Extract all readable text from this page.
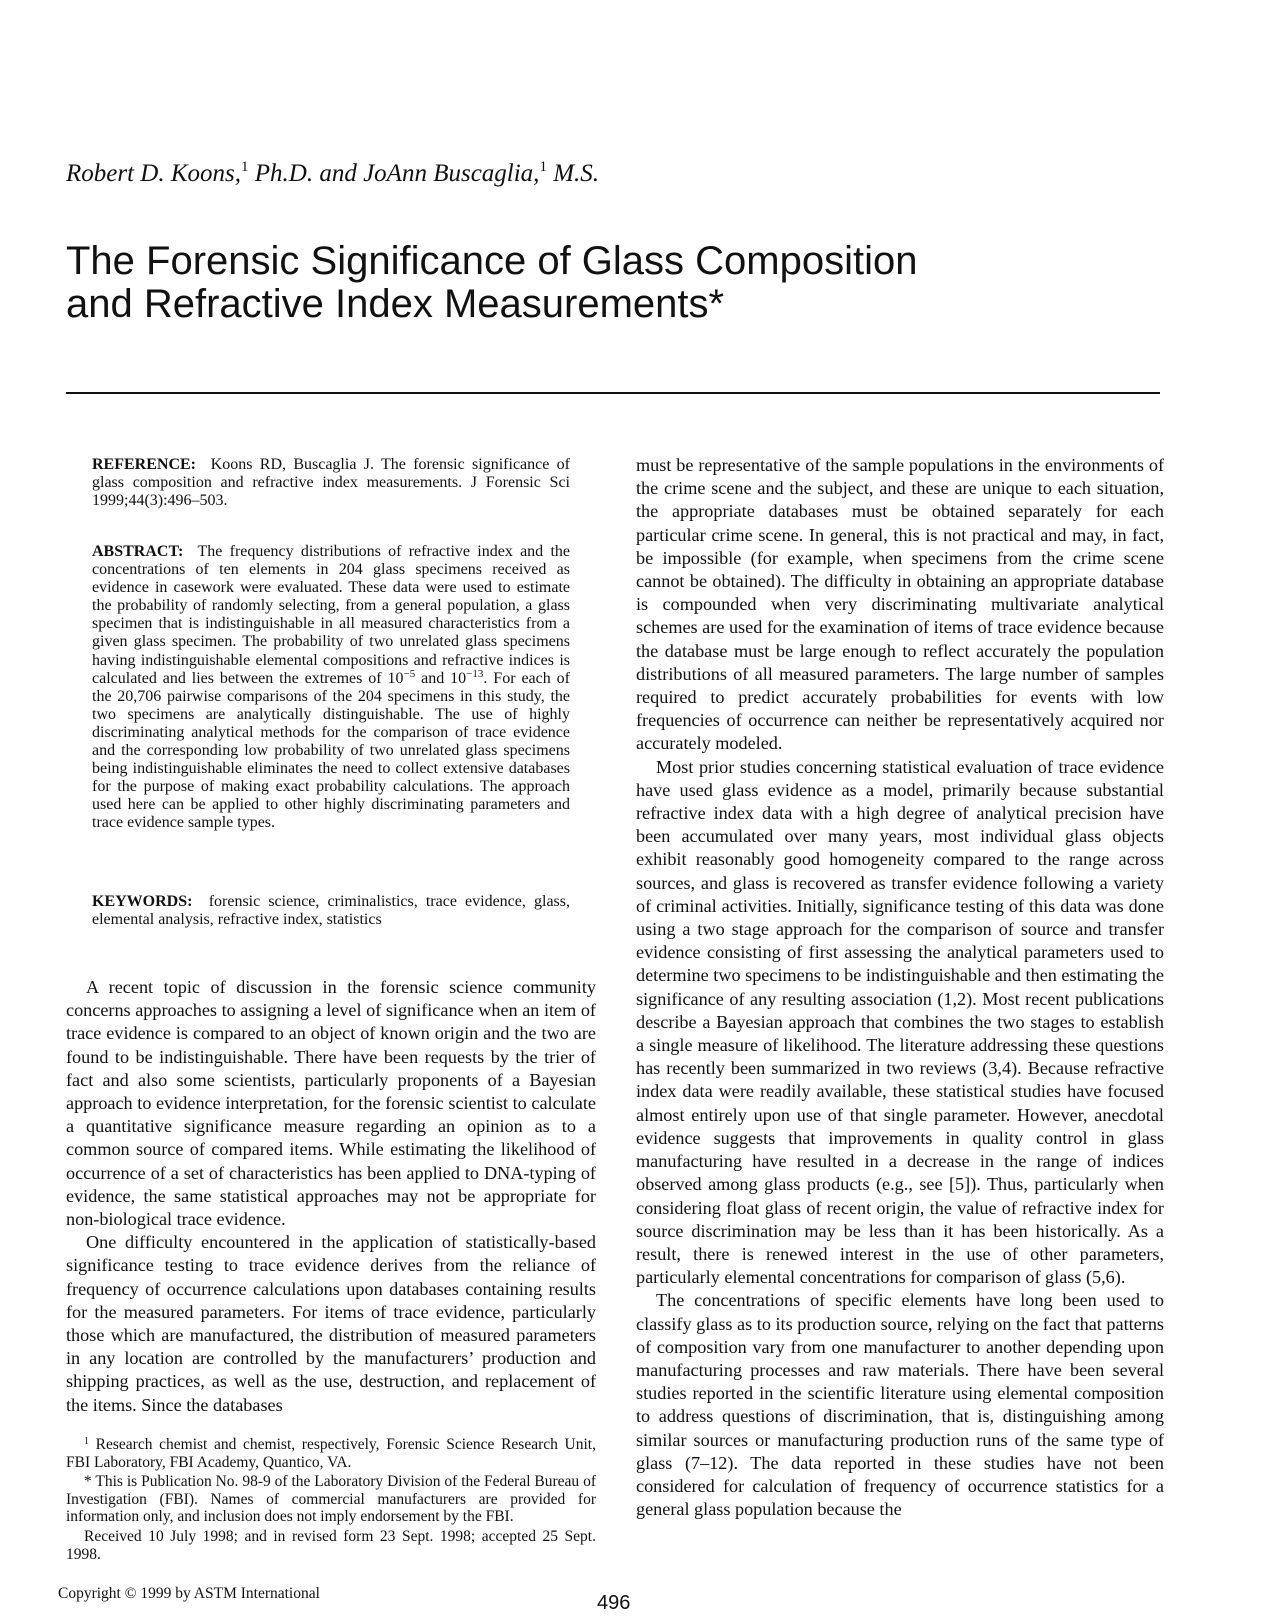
Robert D. Koons,$^1$ Ph.D. and JoAnn Buscaglia,$^1$ M.S.
The Forensic Significance of Glass Composition
and Refractive Index Measurements*

REFERENCE: Koons RD, Buscaglia J. The forensic significance of glass composition and refractive index measurements. J Forensic Sci 1999;44(3):496–503.

ABSTRACT: The frequency distributions of refractive index and the concentrations of ten elements in 204 glass specimens received as evidence in casework were evaluated. These data were used to estimate the probability of randomly selecting, from a general population, a glass specimen that is indistinguishable in all measured characteristics from a given glass specimen. The probability of two unrelated glass specimens having indistinguishable elemental compositions and refractive indices is calculated and lies between the extremes of $10^{-5}$ and $10^{-13}$. For each of the 20,706 pairwise comparisons of the 204 specimens in this study, the two specimens are analytically distinguishable. The use of highly discriminating analytical methods for the comparison of trace evidence and the corresponding low probability of two unrelated glass specimens being indistinguishable eliminates the need to collect extensive databases for the purpose of making exact probability calculations. The approach used here can be applied to other highly discriminating parameters and trace evidence sample types.

KEYWORDS: forensic science, criminalistics, trace evidence, glass, elemental analysis, refractive index, statistics

A recent topic of discussion in the forensic science community concerns approaches to assigning a level of significance when an item of trace evidence is compared to an object of known origin and the two are found to be indistinguishable. There have been requests by the trier of fact and also some scientists, particularly proponents of a Bayesian approach to evidence interpretation, for the forensic scientist to calculate a quantitative significance measure regarding an opinion as to a common source of compared items. While estimating the likelihood of occurrence of a set of characteristics has been applied to DNA-typing of evidence, the same statistical approaches may not be appropriate for non-biological trace evidence.

One difficulty encountered in the application of statistically-based significance testing to trace evidence derives from the reliance of frequency of occurrence calculations upon databases containing results for the measured parameters. For items of trace evidence, particularly those which are manufactured, the distribution of measured parameters in any location are controlled by the manufacturers’ production and shipping practices, as well as the use, destruction, and replacement of the items. Since the databases

must be representative of the sample populations in the environments of the crime scene and the subject, and these are unique to each situation, the appropriate databases must be obtained separately for each particular crime scene. In general, this is not practical and may, in fact, be impossible (for example, when specimens from the crime scene cannot be obtained). The difficulty in obtaining an appropriate database is compounded when very discriminating multivariate analytical schemes are used for the examination of items of trace evidence because the database must be large enough to reflect accurately the population distributions of all measured parameters. The large number of samples required to predict accurately probabilities for events with low frequencies of occurrence can neither be representatively acquired nor accurately modeled.

Most prior studies concerning statistical evaluation of trace evidence have used glass evidence as a model, primarily because substantial refractive index data with a high degree of analytical precision have been accumulated over many years, most individual glass objects exhibit reasonably good homogeneity compared to the range across sources, and glass is recovered as transfer evidence following a variety of criminal activities. Initially, significance testing of this data was done using a two stage approach for the comparison of source and transfer evidence consisting of first assessing the analytical parameters used to determine two specimens to be indistinguishable and then estimating the significance of any resulting association (1,2). Most recent publications describe a Bayesian approach that combines the two stages to establish a single measure of likelihood. The literature addressing these questions has recently been summarized in two reviews (3,4). Because refractive index data were readily available, these statistical studies have focused almost entirely upon use of that single parameter. However, anecdotal evidence suggests that improvements in quality control in glass manufacturing have resulted in a decrease in the range of indices observed among glass products (e.g., see [5]). Thus, particularly when considering float glass of recent origin, the value of refractive index for source discrimination may be less than it has been historically. As a result, there is renewed interest in the use of other parameters, particularly elemental concentrations for comparison of glass (5,6).

The concentrations of specific elements have long been used to classify glass as to its production source, relying on the fact that patterns of composition vary from one manufacturer to another depending upon manufacturing processes and raw materials. There have been several studies reported in the scientific literature using elemental composition to address questions of discrimination, that is, distinguishing among similar sources or manufacturing production runs of the same type of glass (7–12). The data reported in these studies have not been considered for calculation of frequency of occurrence statistics for a general glass population because the

$^1$ Research chemist and chemist, respectively, Forensic Science Research Unit, FBI Laboratory, FBI Academy, Quantico, VA.

* This is Publication No. 98-9 of the Laboratory Division of the Federal Bureau of Investigation (FBI). Names of commercial manufacturers are provided for information only, and inclusion does not imply endorsement by the FBI.

Received 10 July 1998; and in revised form 23 Sept. 1998; accepted 25 Sept. 1998.

Copyright © 1999 by ASTM International	496
